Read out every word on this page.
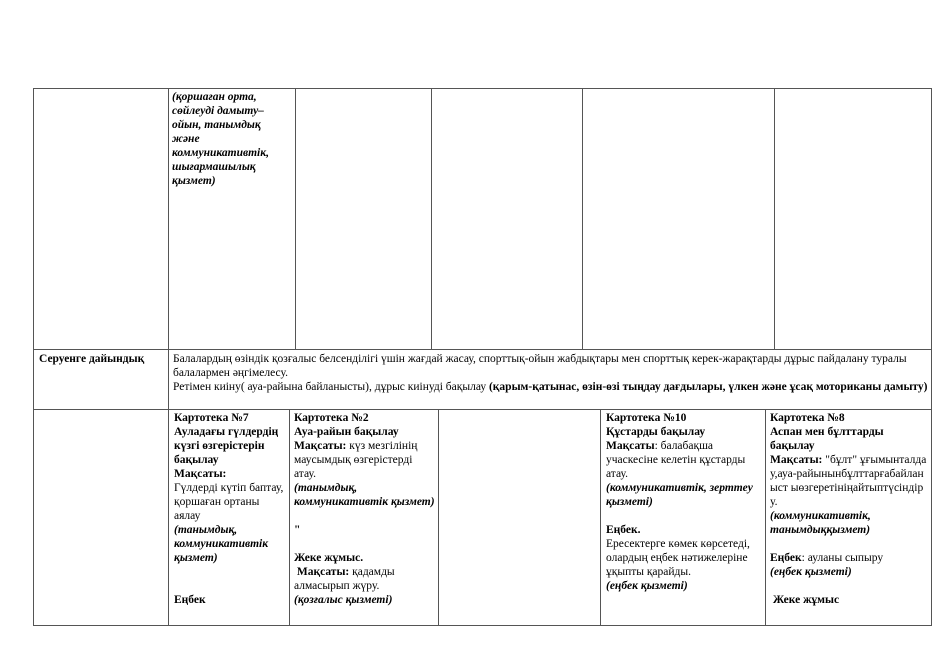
(қоршаған орта, сөйлеуді дамыту–ойын, танымдық және коммуникативтік, шығармашылық қызмет)

Серуенге дайындық	Балалардың өзіндік қозғалыс белсенділігі үшін жағдай жасау, спорттық-ойын жабдықтары мен спорттық керек-жарақтарды дұрыс пайдалану туралы балалармен әңгімелесу.

Ретімен киіну( ауа-райына байланысты), дұрыс киінуді бақылау (қарым-қатынас, өзін-өзі тыңдау дағдылары, үлкен және ұсақ моториканы дамыту)

Картотекa №7

Ауладағы гүлдердің күзгі өзгерістерін бақылау

Мақсаты:

Гүлдерді күтіп баптау, қоршаған ортаны аялау

(танымдық, коммуникативтік қызмет)

Еңбек

Картотекa №2

Ауа-райын бақылау

Мақсаты: күз мезгілінің маусымдық өзгерістерді атау.

(танымдық, коммуникативтік қызмет)

"

Жеке жұмыс.

Мақсаты: қадамды алмасырып жүру.

(қозғалыс қызметі)

Картотекa №10

Құстарды бақылау

Мақсаты: балабақша учаскесіне келетін құстарды атау.

(коммуникативтік, зерттеу қызметі)

Еңбек.

Ересектерге көмек көрсетеді, олардың еңбек нәтижелеріне ұқыпты қарайды.

(еңбек қызметі)

Картотекa №8

Аспан мен бұлттарды бақылау

Мақсаты: "бұлт" ұғымынталдау,ауа-райынынбұлттарғабайланыст ыөзгеретініңайтыптүсіндіру.

(коммуникативтік, танымдыққызмет)

Еңбек: ауланы сыпыру

(еңбек қызметі)

Жеке жұмыс
